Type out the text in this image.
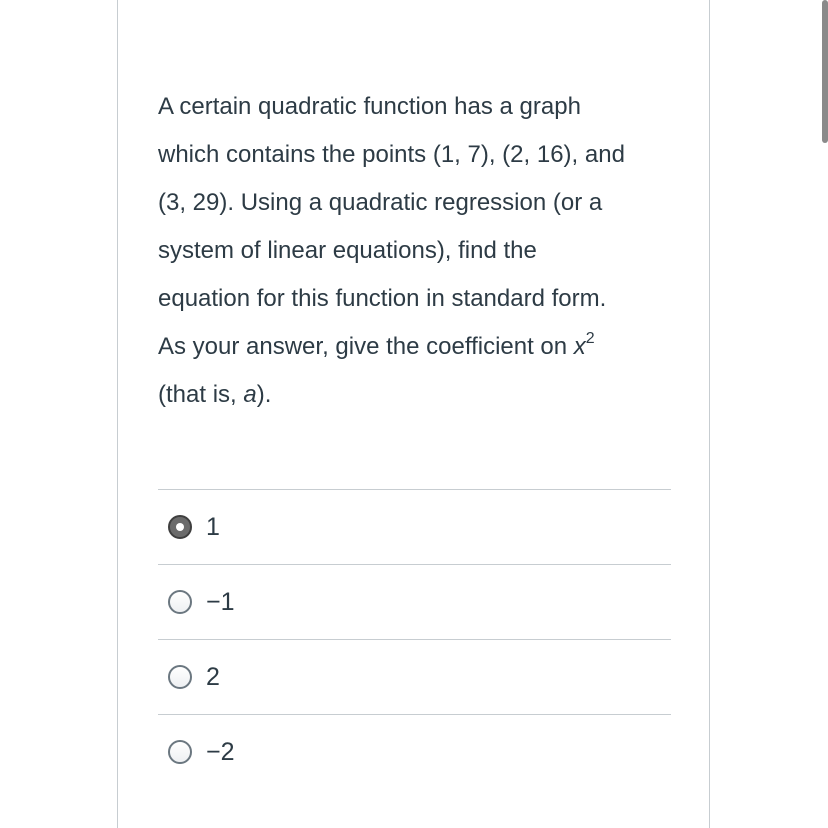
A certain quadratic function has a graph
which contains the points (1, 7), (2, 16), and
(3, 29). Using a quadratic regression (or a
system of linear equations), find the
equation for this function in standard form.
As your answer, give the coefficient on $x^2$
(that is, a).

1
−1
2
−2
